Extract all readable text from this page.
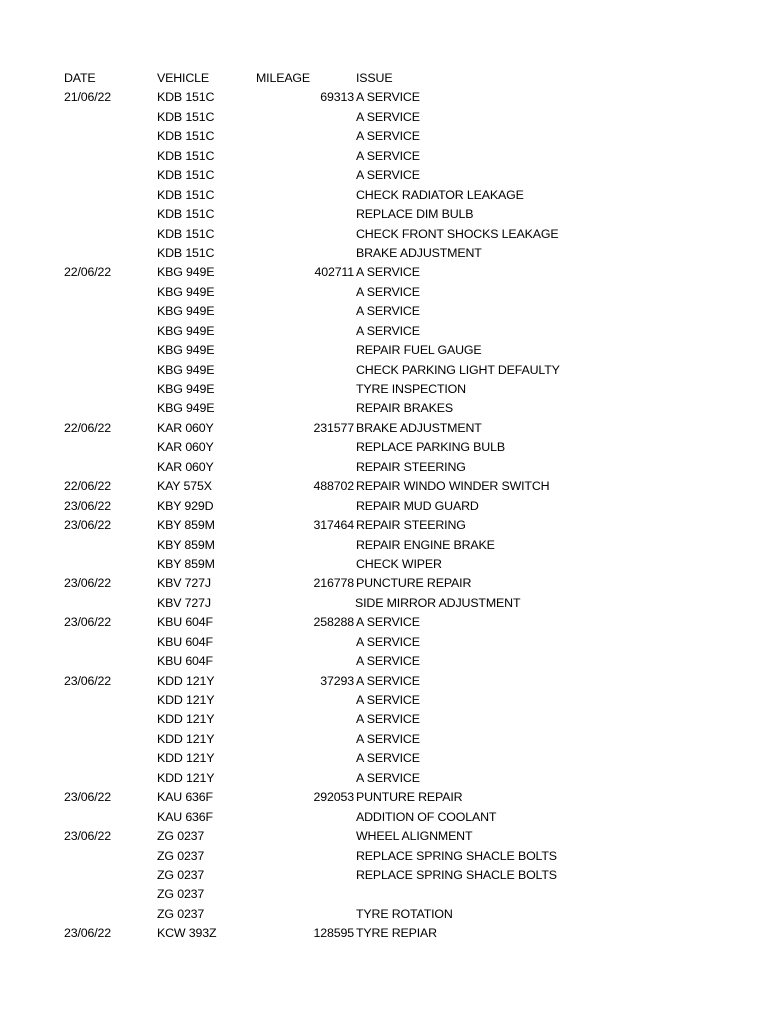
DATE	VEHICLE	MILEAGE	ISSUE
21/06/22	KDB 151C	69313 A SERVICE
KDB 151C	A SERVICE
KDB 151C	A SERVICE
KDB 151C	A SERVICE
KDB 151C	A SERVICE
KDB 151C	CHECK RADIATOR LEAKAGE
KDB 151C	REPLACE DIM BULB
KDB 151C	CHECK FRONT SHOCKS LEAKAGE
KDB 151C	BRAKE ADJUSTMENT
22/06/22	KBG 949E	402711 A SERVICE
KBG 949E	A SERVICE
KBG 949E	A SERVICE
KBG 949E	A SERVICE
KBG 949E	REPAIR FUEL GAUGE
KBG 949E	CHECK PARKING LIGHT DEFAULTY
KBG 949E	TYRE INSPECTION
KBG 949E	REPAIR BRAKES
22/06/22	KAR 060Y	231577 BRAKE ADJUSTMENT
KAR 060Y	REPLACE PARKING BULB
KAR 060Y	REPAIR STEERING
22/06/22	KAY 575X	488702 REPAIR WINDO WINDER SWITCH
23/06/22	KBY 929D	REPAIR MUD GUARD
23/06/22	KBY 859M	317464 REPAIR STEERING
KBY 859M	REPAIR ENGINE BRAKE
KBY 859M	CHECK WIPER
23/06/22	KBV 727J	216778 PUNCTURE REPAIR
KBV 727J	SIDE MIRROR ADJUSTMENT
23/06/22	KBU 604F	258288 A SERVICE
KBU 604F	A SERVICE
KBU 604F	A SERVICE
23/06/22	KDD 121Y	37293 A SERVICE
KDD 121Y	A SERVICE
KDD 121Y	A SERVICE
KDD 121Y	A SERVICE
KDD 121Y	A SERVICE
KDD 121Y	A SERVICE
23/06/22	KAU 636F	292053 PUNTURE REPAIR
KAU 636F	ADDITION OF COOLANT
23/06/22	ZG 0237	WHEEL ALIGNMENT
ZG 0237	REPLACE SPRING SHACLE BOLTS
ZG 0237	REPLACE SPRING SHACLE BOLTS
ZG 0237
ZG 0237	TYRE ROTATION
23/06/22	KCW 393Z	128595 TYRE REPIAR
